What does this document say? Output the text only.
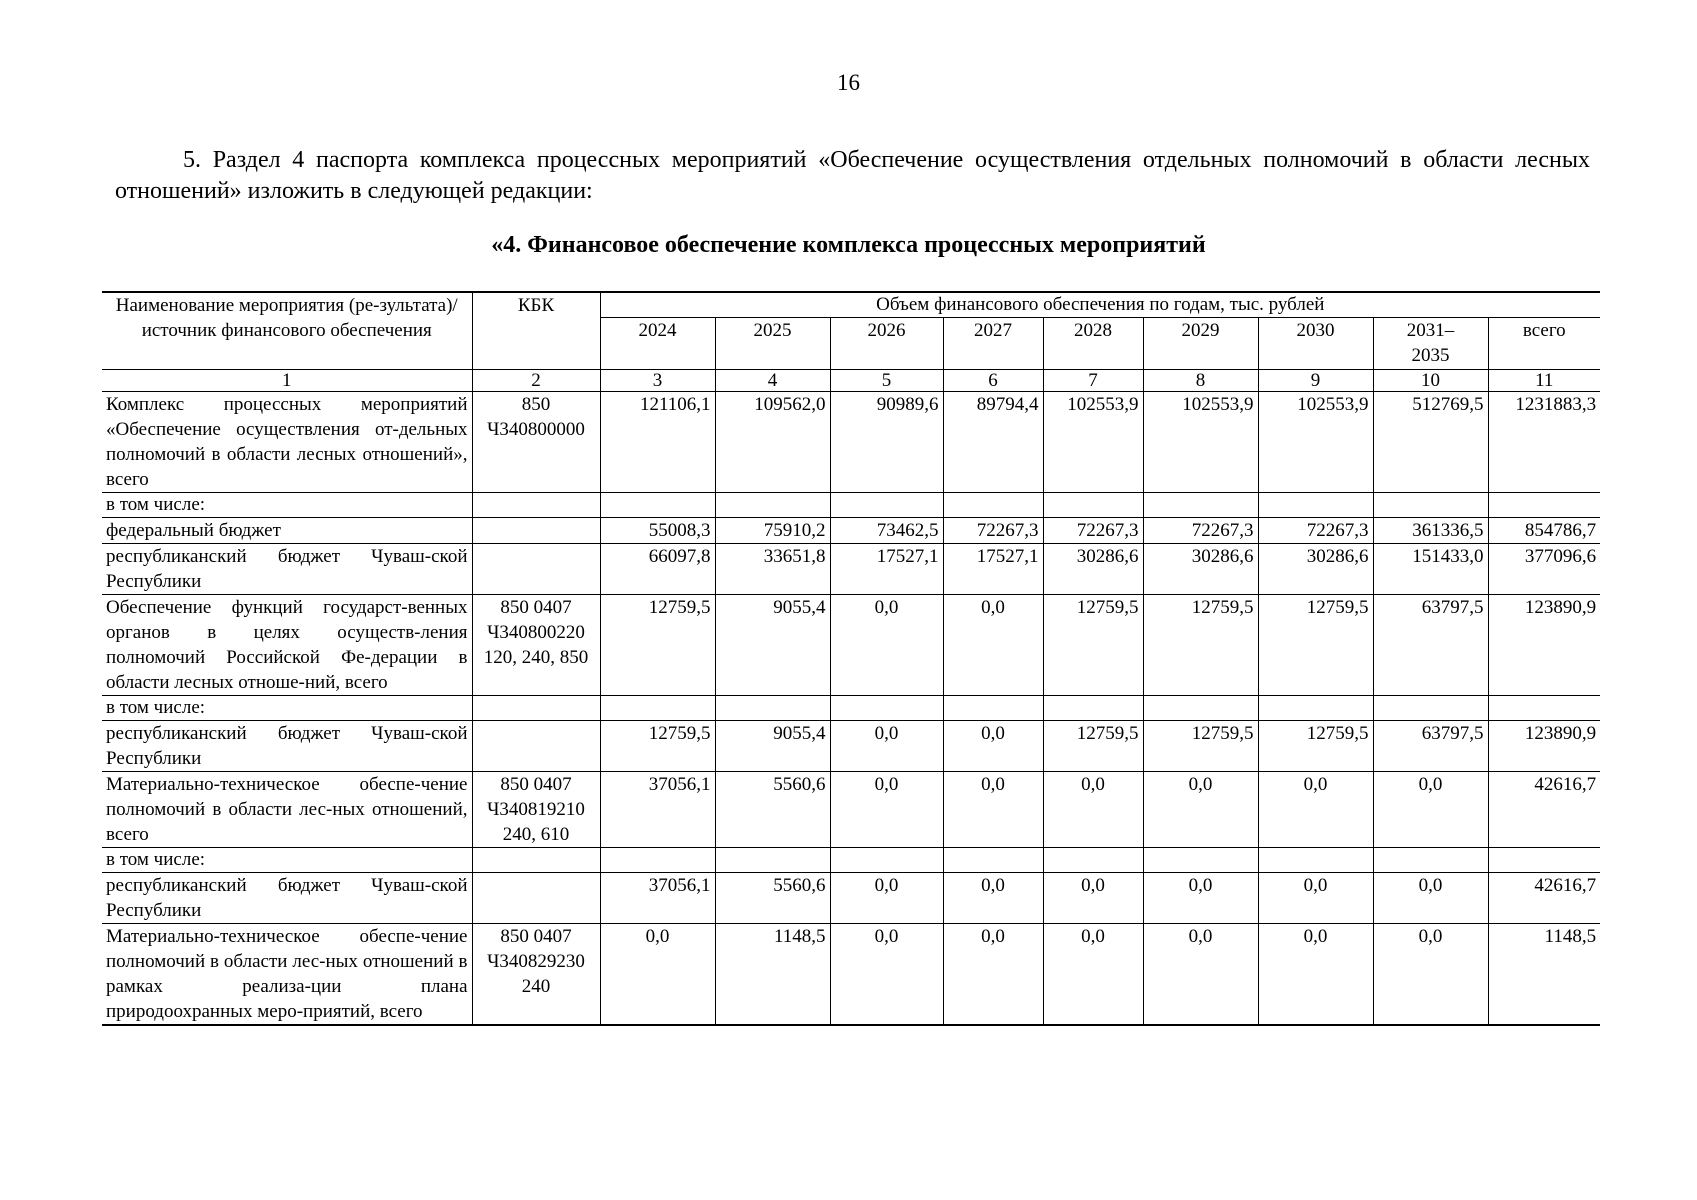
16
5. Раздел 4 паспорта комплекса процессных мероприятий «Обеспечение осуществления отдельных полномочий в области лесных отношений» изложить в следующей редакции:
«4. Финансовое обеспечение комплекса процессных мероприятий
Наименование мероприятия (ре-зультата)/источник финансового обеспечения	КБК	Объем финансового обеспечения по годам, тыс. рублей								
		2024	2025	2026	2027	2028	2029	2030	2031–2035	всего
1	2	3	4	5	6	7	8	9	10	11
Комплекс процессных мероприятий «Обеспечение осуществления от-дельных полномочий в области лесных отношений», всего	850 Ч340800000	121106,1	109562,0	90989,6	89794,4	102553,9	102553,9	102553,9	512769,5	1231883,3
в том числе:										
федеральный бюджет		55008,3	75910,2	73462,5	72267,3	72267,3	72267,3	72267,3	361336,5	854786,7
республиканский бюджет Чуваш-ской Республики		66097,8	33651,8	17527,1	17527,1	30286,6	30286,6	30286,6	151433,0	377096,6
Обеспечение функций государст-венных органов в целях осуществ-ления полномочий Российской Фе-дерации в области лесных отноше-ний, всего	850 0407 Ч340800220 120, 240, 850	12759,5	9055,4	0,0	0,0	12759,5	12759,5	12759,5	63797,5	123890,9
в том числе:										
республиканский бюджет Чуваш-ской Республики		12759,5	9055,4	0,0	0,0	12759,5	12759,5	12759,5	63797,5	123890,9
Материально-техническое обеспе-чение полномочий в области лес-ных отношений, всего	850 0407 Ч340819210 240, 610	37056,1	5560,6	0,0	0,0	0,0	0,0	0,0	0,0	42616,7
в том числе:										
республиканский бюджет Чуваш-ской Республики		37056,1	5560,6	0,0	0,0	0,0	0,0	0,0	0,0	42616,7
Материально-техническое обеспе-чение полномочий в области лес-ных отношений в рамках реализа-ции плана природоохранных меро-приятий, всего	850 0407 Ч340829230 240	0,0	1148,5	0,0	0,0	0,0	0,0	0,0	0,0	1148,5
